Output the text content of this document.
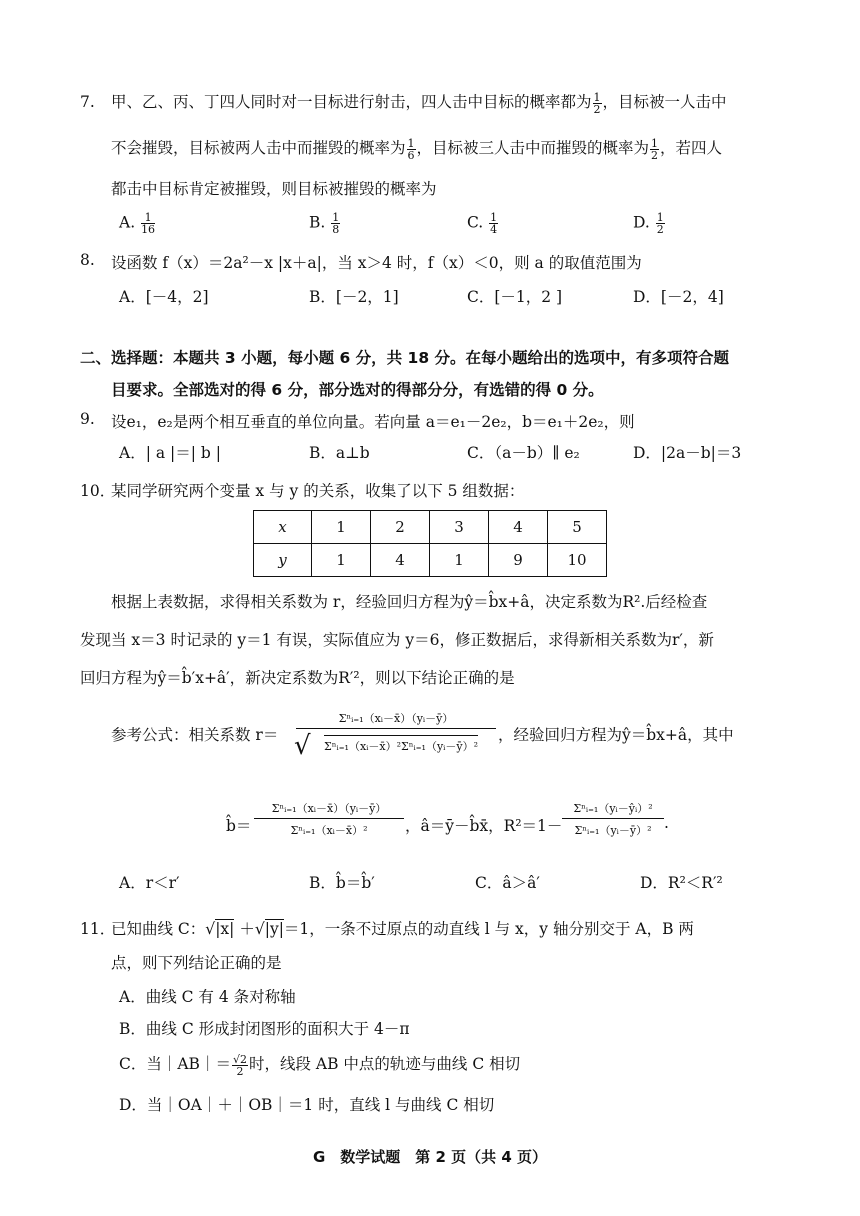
7. 甲、乙、丙、丁四人同时对一目标进行射击，四人击中目标的概率都为 $\frac{1}{2}$ ，目标被一人击中
不会摧毁，目标被两人击中而摧毁的概率为 $\frac{1}{6}$ ，目标被三人击中而摧毁的概率为 $\frac{1}{2}$ ，若四人
都击中目标肯定被摧毁，则目标被摧毁的概率为
A. $\frac{1}{16}$	B. $\frac{1}{8}$	C. $\frac{1}{4}$	D. $\frac{1}{2}$
8. 设函数 f（x）＝2a²－x |x＋a|，当 x＞4 时，f（x）＜0，则 a 的取值范围为
A．[－4，2]	B．[－2，1]	C．[－1，2 ]	D．[－2，4]
二、选择题：本题共 3 小题，每小题 6 分，共 18 分。在每小题给出的选项中，有多项符合题
目要求。全部选对的得 6 分，部分选对的得部分分，有选错的得 0 分。
9. 设e₁，e₂是两个相互垂直的单位向量。若向量 a＝e₁－2e₂，b＝e₁＋2e₂，则
A．| a |＝| b |	B．a⊥b	C．（a－b）∥ e₂	D．|2a－b|＝3
10．
某同学研究两个变量 x 与 y 的关系，收集了以下 5 组数据：
x	1	2	3	4	5
y	1	4	1	9	10
根据上表数据，求得相关系数为 r，经验回归方程为ŷ＝b̂x+â，决定系数为R².后经检查
发现当 x＝3 时记录的 y＝1 有误，实际值应为 y＝6，修正数据后，求得新相关系数为r′，新
回归方程为ŷ＝b̂′x+â′，新决定系数为R′²，则以下结论正确的是
参考公式：相关系数 r＝
Σⁿᵢ₌₁（xᵢ－x̄）（yᵢ－ȳ）
Σⁿᵢ₌₁（xᵢ－x̄）²Σⁿᵢ₌₁（yᵢ－ȳ）²
√	，经验回归方程为ŷ＝b̂x+â，其中
b̂＝
Σⁿᵢ₌₁（xᵢ－x̄）（yᵢ－ȳ）
Σⁿᵢ₌₁（xᵢ－x̄）²	，â＝ȳ－b̂x̄，R²＝1－
Σⁿᵢ₌₁（yᵢ－ŷᵢ）²
Σⁿᵢ₌₁（yᵢ－ȳ）² .
A．r＜r′	B．b̂＝b̂′	C．â＞â′	D．R²＜R′²
11．
已知曲线 C：√|x| ＋√|y|＝1，一条不过原点的动直线 l 与 x，y 轴分别交于 A，B 两
点，则下列结论正确的是
A．曲线 C 有 4 条对称轴
B．曲线 C 形成封闭图形的面积大于 4－π
C．当｜AB｜＝ $\frac{√2}{2}$ 时，线段 AB 中点的轨迹与曲线 C 相切
D．当｜OA｜＋｜OB｜＝1 时，直线 l 与曲线 C 相切
G　数学试题　第 2 页（共 4 页）
